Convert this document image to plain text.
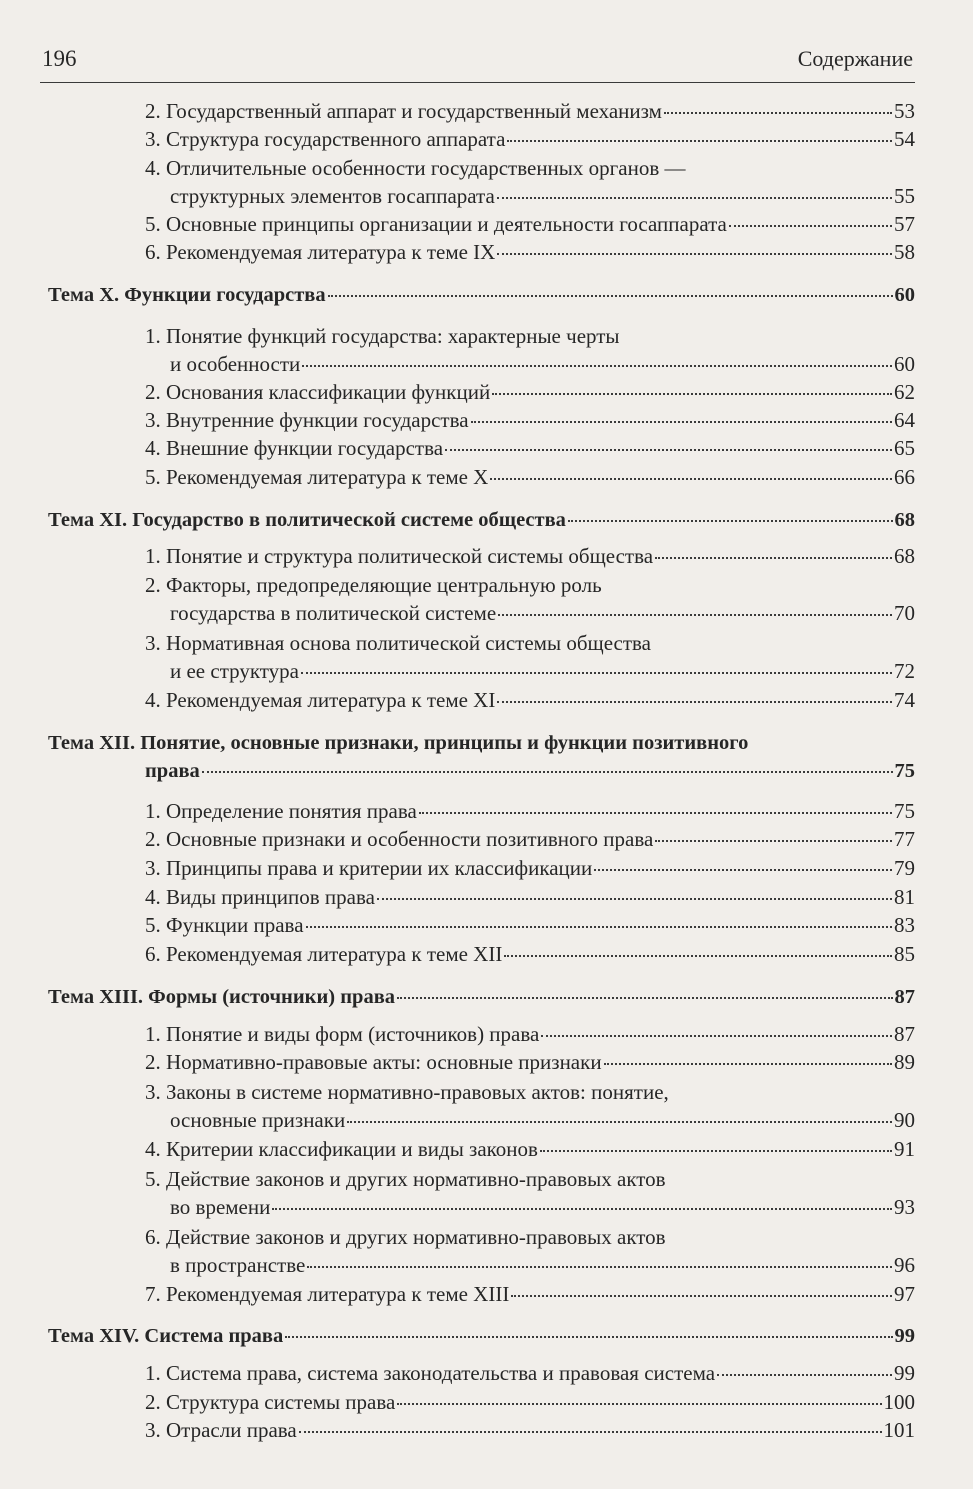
196	Содержание
2. Государственный аппарат и государственный механизм	53
3. Структура государственного аппарата	54
4. Отличительные особенности государственных органов —
структурных элементов госаппарата	55
5. Основные принципы организации и деятельности госаппарата	57
6. Рекомендуемая литература к теме IX	58
Тема X. Функции государства	60
1. Понятие функций государства: характерные черты
и особенности	60
2. Основания классификации функций	62
3. Внутренние функции государства	64
4. Внешние функции государства	65
5. Рекомендуемая литература к теме X	66
Тема XI. Государство в политической системе общества	68
1. Понятие и структура политической системы общества	68
2. Факторы, предопределяющие центральную роль
государства в политической системе	70
3. Нормативная основа политической системы общества
и ее структура	72
4. Рекомендуемая литература к теме XI	74
Тема XII. Понятие, основные признаки, принципы и функции позитивного
права	75
1. Определение понятия права	75
2. Основные признаки и особенности позитивного права	77
3. Принципы права и критерии их классификации	79
4. Виды принципов права	81
5. Функции права	83
6. Рекомендуемая литература к теме XII	85
Тема XIII. Формы (источники) права	87
1. Понятие и виды форм (источников) права	87
2. Нормативно-правовые акты: основные признаки	89
3. Законы в системе нормативно-правовых актов: понятие,
основные признаки	90
4. Критерии классификации и виды законов	91
5. Действие законов и других нормативно-правовых актов
во времени	93
6. Действие законов и других нормативно-правовых актов
в пространстве	96
7. Рекомендуемая литература к теме XIII	97
Тема XIV. Система права	99
1. Система права, система законодательства и правовая система	99
2. Структура системы права	100
3. Отрасли права	101
